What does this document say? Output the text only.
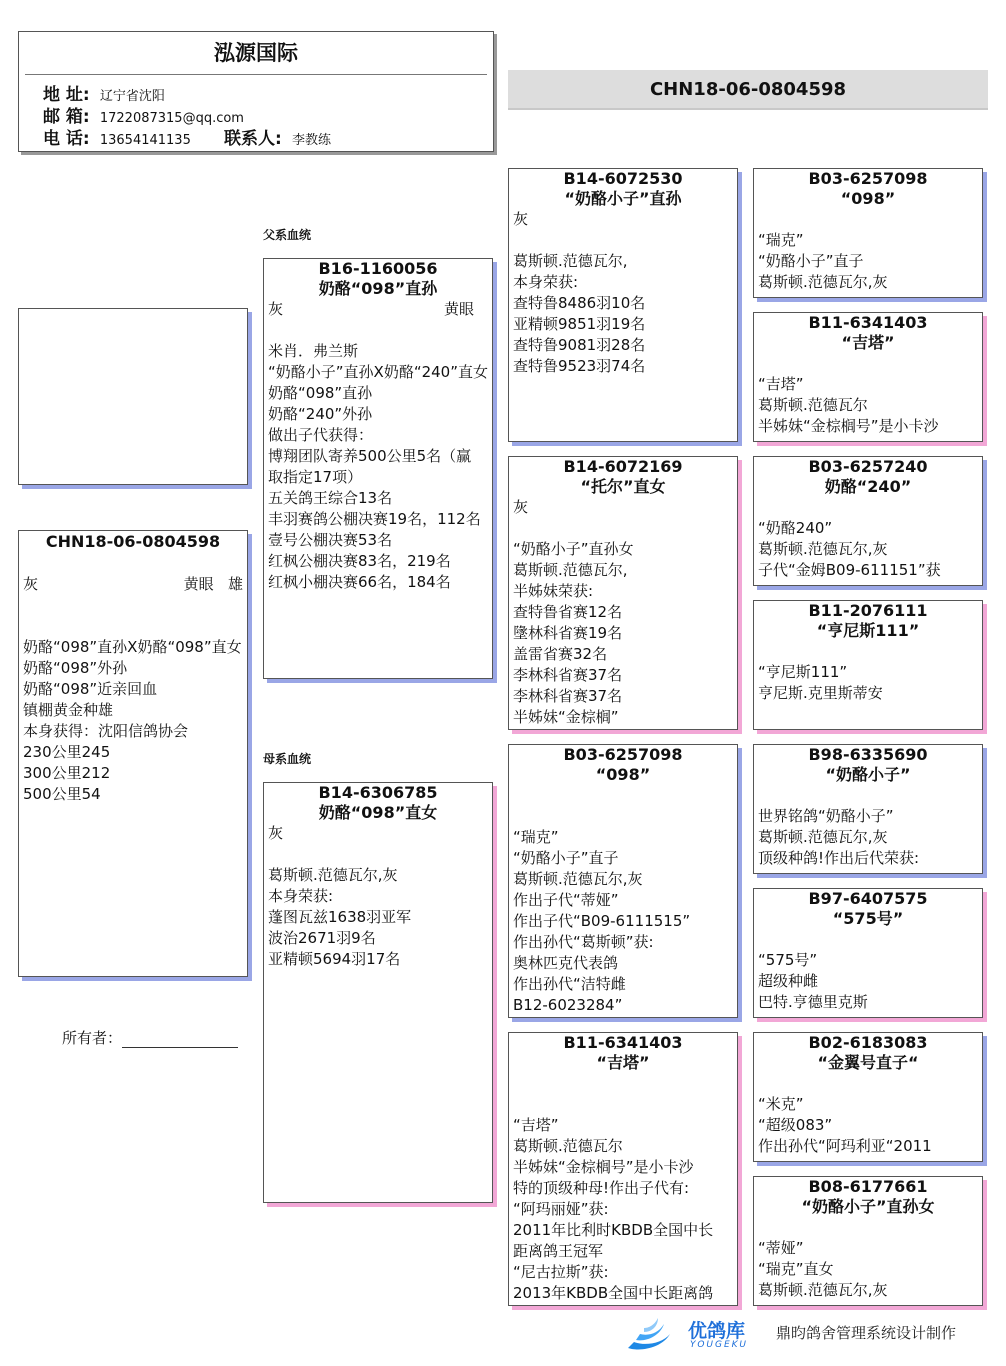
泓源国际
地 址: 辽宁省沈阳
邮 箱: 1722087315@qq.com
电 话: 13654141135 联系人: 李教练
CHN18-06-0804598
CHN18-06-0804598
灰	黄眼 雄
奶酪“098”直孙X奶酪“098”直女
奶酪“098”外孙
奶酪“098”近亲回血
镇棚黄金种雄
本身获得：沈阳信鸽协会
230公里245
300公里212
500公里54
所有者：
父系血统
母系血统
B16-1160056
奶酪“098”直孙
灰	黄眼

米肖．弗兰斯
“奶酪小子”直孙X奶酪“240”直女
奶酪“098”直孙
奶酪“240”外孙
做出子代获得：
博翔团队寄养500公里5名（赢
取指定17项）
五关鸽王综合13名
丰羽赛鸽公棚决赛19名，112名
壹号公棚决赛53名
红枫公棚决赛83名，219名
红枫小棚决赛66名，184名
B14-6306785
奶酪“098”直女
灰

葛斯顿.范德瓦尔,灰
本身荣获:
蓬图瓦兹1638羽亚军
波治2671羽9名
亚精顿5694羽17名
B14-6072530
“奶酪小子”直孙
灰

葛斯顿.范德瓦尔,
本身荣获:
查特鲁8486羽10名
亚精顿9851羽19名
查特鲁9081羽28名
查特鲁9523羽74名
B14-6072169
“托尔”直女
灰

“奶酪小子”直孙女
葛斯顿.范德瓦尔,
半姊妹荣获:
查特鲁省赛12名
墬林科省赛19名
盖雷省赛32名
李林科省赛37名
李林科省赛37名
半姊妹“金棕榈”
B03-6257098
“098”

“瑞克”
“奶酪小子”直子
葛斯顿.范德瓦尔,灰
作出子代“蒂娅”
作出子代“B09-6111515”
作出孙代“葛斯顿”获:
奥林匹克代表鸽
作出孙代“洁特雌
B12-6023284”
B11-6341403
“吉塔”

“吉塔”
葛斯顿.范德瓦尔
半姊妹“金棕榈号”是小卡沙
特的顶级种母!作出子代有:
“阿玛丽娅”获:
2011年比利时KBDB全国中长
距离鸽王冠军
“尼古拉斯”获:
2013年KBDB全国中长距离鸽
B03-6257098
“098”

“瑞克”
“奶酪小子”直子
葛斯顿.范德瓦尔,灰
B11-6341403
“吉塔”

“吉塔”
葛斯顿.范德瓦尔
半姊妹“金棕榈号”是小卡沙
B03-6257240
奶酪“240”

“奶酪240”
葛斯顿.范德瓦尔,灰
子代“金姆B09-611151”获
B11-2076111
“亨尼斯111”

“亨尼斯111”
亨尼斯.克里斯蒂安
B98-6335690
“奶酪小子”

世界铭鸽“奶酪小子”
葛斯顿.范德瓦尔,灰
顶级种鸽!作出后代荣获:
B97-6407575
“575号”

“575号”
超级种雌
巴特.亨德里克斯
B02-6183083
“金翼号直子“

“米克”
“超级083”
作出孙代“阿玛利亚“2011
B08-6177661
“奶酪小子”直孙女

“蒂娅”
“瑞克”直女
葛斯顿.范德瓦尔,灰
优鸽库
YOUGEKU
鼎昀鸽舍管理系统设计制作
